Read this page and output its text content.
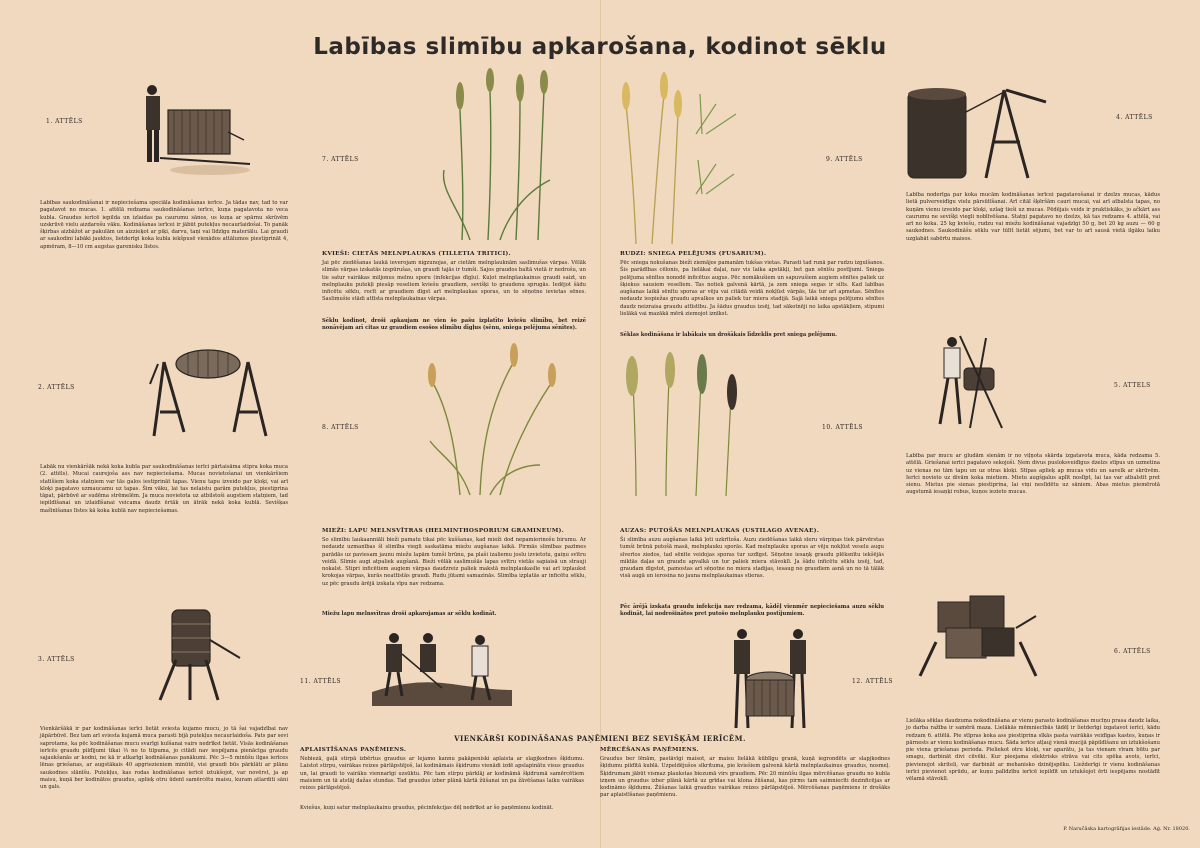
Labības slimību apkarošana, kodinot sēklu
1. ATTĒLS

Labības saukodināšanai ir nepieciešama speciāla kodināšanas ierīce. Ja tādas nav, tad to var pagatavot no mucas. 1. attēlā redzama saukodināšanas ierīce, kuņa pagatavota no veca kubla. Graudus ierīcē iepilda un izlaidas pa caurumu sānos, us kuņa ar spārnu skrūvēm uzskrūvē vielu aizdarošu vāku. Kodināšanas ierīcei ir jābūt putekļus necaurlaidošai. To panāk šķirbas aizbāžot ar pakulām un aizzieķot ar piķi, darvu, taņi vai līdzīgu materiālu. Lai graudi ar saukodini labāki jauktos, lietderīgi koka kubla iekšpusē vienādos attālumos piestiprināt 4, apmēram, 8—10 cm augstas garenisku līstes.

2. ATTĒLS

Labāk nu vienkāršāk nekā koka kubla par saukodināšanas ierīci pārtaisāma stipra koka muca (2. attēls). Mucai caurejoša ass nav nepieciešama. Mucas novietošanai un vienkāršiem statīšiem koka statņiem var tās galos iestiprināt tapas. Vienu tapu izveido par kloķi, vai arī kloķi pagatavo uzmaucamu uz tapas. Šim vāku, lai tas nelaistu garām putekļus, piestiprina tāpat, pārbūvē ar sudēma strēmelēm. Ja muca novietota uz atbilstoši augstiem statņiem, tad iepildīšanai un izlaidīšanai veicama daudz ērtāk un ātrāk nekā koka kublā. Sevišķas mašīnīšanas līstes kā koka kublā nav nepieciešamas.

3. ATTĒLS

Vienkāršākā ir par kodināšanas ierīci lietāt sviesta kujamo mucu, jo tā šai vajadzībai nav jāpārbūvē. Bez tam arī sviesta kujamā muca parasti bijā putekļus necaurlaidoša. Pats par sevi saprotams, ka pēc kodināšanas mucu svarīgi kulšanai vairs nedrīkst lietāt. Visās kodināšanas ierīcēs graudu pildījumi tikai ⅓ no to tilpuma, jo citādi nav iespējama pienācīga graudu sajaukšanās ar kodni, ne kā ir atkarīgi kodināšanas panākumi. Pēc 3—5 minūšu ilgas ierīces lēnas griešanas, ar augstākais 40 apgriezieniem minūtē, visi graudi būs pārklāti ar plānu saukodnes slānīšu. Putekļus, kas rodas kodināšanas ierīcē iztukšojot, var novērst, ja ap maisu, kuņā ber kodinātos graudus, aplieķ otru ūdenī samērcētu maisu, kuram atlarditi sāni un gals.

7. ATTĒLS

KVIEŠI: CIETĀS MELNPLAUKAS (TILLETIA TRITICI).

Jai pēc ziedēšanas laukā ieverojam nigzunojas, ar cietām melnplauknām saslimušas vārpas. Vēlāk slimās vārpas izskatās izspūrušas, un graudi tajās ir tumši. Sajos graudos baltā vietā ir nedrošu, un tie satur vairākas miljonus melnu sporu (infekcijas dīgļu). Kuļot melnplaukainus graudi saizt, un melnplauku putekļi piesāp veseliem kviešu graudiem, sevišķi to graudenu sprugās. Iedējot šādu inficētu sēklu, rocīt ar graudiem dīgst arī melnplaukas sporas, un to sēņotne ievietas sēnes. Saslimušie stādi attīsta melnplaukainas vārpas.

Sēklu kodinot, droši apkaujam ne vien šo pašu izplatīto kviešu slimību, bet reizē nonāvējam arī citas uz graudiem esošos slimību dīgļus (sēnu, sniega pelējuma sēnītes).

8. ATTĒLS

MIEŽI: LAPU MELNSVĪTRAS (HELMINTHOSPORIUM GRAMINEUM).

So slimību laukaanniāli bieži pamatu tikai pēc kuššanas, kad mieži dod nepamierinošu birumu. Ar nedaudz uzmanības šī slimība viegli saskatāma miežu augšanas laikā. Pirmās slimības pazīmes parādās uz paviesam jaunu miežu lapām tumši brūnu, pa plaši izaliemu joslu izvietotu, gaiņu svītru veidā. Slimie augi atpaliek augšanā. Bieži vēlāk saslimušās lapas svītru vietās sapiaisā un strauji nokalst. Stipri inficētiem augiem vārpas daudzreiz paliek makstā melnplaukaslīe vai arī izplaukst krokojas vārpas, kurās neattīstās graudi. Rudu jūtami samazinās. Slimība izplatās ar inficētu sēklu, uz pēc graudu ārējā izskata vīpu nav redzama.

Miežu lapu melnsvītras droši apkarojamas ar sēklu kodināt.

11. ATTĒLS
9. ATTĒLS

RUDZI: SNIEGA PELĒJUMS (FUSARIUM).

Pēc sniega nokušanas bieži ziemājos pamanām tukšas vietas. Parasti tad runā par rudzu izgulšanos. Šis parādības cēlonis, pa lielākai daļai, nav vis laika apstākļi, bet gan sēnīšu postījumi. Sniega pelējuma sēnītes nonodē inficētus augus. Pēc nomākušiem un sapuvušiem augiem sēnītes paliek uz šķiekus sausiem veselīem. Tas notiek galvenā kārtā, ja zem sniega segas ir silts. Kad labības augšanas laikā sēnītu sporas ar vēju vai citādā veidā nokļūst vārpās, tās tur arī apmetas. Sēnītes nedaudz iespiežas graudu apvalkos un paliek tur miera stadijā. Sajā laikā sniega pelējumu sēnītes daudz neizraisa graudu attīstību. Ja šādus graudus izsēj, tad sākotnēji no laika apstākļiem, stipumi lielākā vai mazākā mērā ziemojot iznīkst.

Sēklas kodināšana ir labākais un drošākais līdzeklis pret sniega pelējumu.

10. ATTĒLS

AUZAS: PUTOŠĀS MELNPLAUKAS (USTILAGO AVENAE).

Ši slimība auzu augšanas laikā ļoti uzkrītoša. Auzu ziedēšanas laikā sīeru vārpiņas tiek pārvērstas tumši brūnā putošā masā, melnplauku sporās. Kad melnplauku sporas ar vēju nokļūst veselu augu sīverīos ziedos, tad sēnīte veidojas sporas tur uzdīgst. Sēņotne iesaņķ graudu plēksnītu iekšējās miktās daļas un graudu apvalkā un tur paliek miera stāvoklī. Ja šādu inficētu sēklu izsēj, tad, graudam dīgstot, pamostas arī sēņotne no miera stadijas, iesaug no graudiem asnā un no tā tālāk visā augā un ierosina no jauna melnplaukainas stieras.

Pēc ārējā izskata graudu infekcija nav redzama, kādēļ vienmēr nepieciešama auzu sēklu kodināt, lai nodrošinātos pret putošo melnplauku postījumiem.

12. ATTĒLS
4. ATTĒLS

Labība noderīga par koka mucām kodināšanas ierīcei pagatavošanai ir dzelzs mucas, kādus lietā pulverveidīgu vielu pārsūtīšanai. Arī citāl šķēršām cauri mucai, vai arī atbalsta tapas, no kuņām vienu izveido par kloķi, uzlaģ tieši uz mucas. Pēdējais veids ir praktiskāks, jo ačkārt ass caurumu ne sevišķi viegli noblīvēšana. Statņi pagatavo no dzelzs, kā tas redzams 4. attēlā, vai arī no koka. 25 kg kviešu, rudzu vai miežu kodināšanai vajadzīgi 50 g, bet 20 kg auzu — 60 g saukodnes. Saukodināšu sēklu var tūlīt lietāt sējumi, bet var to arī sausā vietā ilgāku laiku uzglabāt sabērtu maisos.

5. ATTĒLS

Labība par mucu ar gludām sienām ir no viļņota skārda izgatavota muca, kāda redzama 5. attēlā. Griešanai ierīci pagatavo sekojoši. Ņem divus pusloksveidīgus dzelzs stīpus un uzmetina uz vienas no tām tapu un uz otras kloķi. Stīpas aplieķ ap mucas vidu un savelk ar skrūvēm. Ierīci novieto uz divām koka mietiem. Mietu augšgalus aplīt noslīpt, lai tas var atbalstīt pret sienu. Mietus pie sienas piestiprina, lai viņi neslīdētu uz sāniem. Abas mietus piemērotā augstumā iesaņķi robus, kuņos iezieto mucas.

6. ATTĒLS

Lielāka sēklas daudzuma nokodināšana ar vienu parasto kodināšanas mucīņu prasa daudz laika, jo darba ražība ir samērā maza. Lielākās mēmniecībās tādēļ ir lietderīgi izgatavot ierīci, kādu redzam 6. attēlā. Pie stīpras koka ass piestiprina sīkās pasta vairākās veidīgas kastes, kuņas ir pārnests ar vienu kodināšanas mucu. Šāda ierīce atļauj vienā mucijā pāpildīšanu un iztukšošanu pie viena griešanas perioda. Pieliekot otru kloķi, var aparātu, ja tas vienam vīram būtu par smagu, darbināt divi cilvēki. Kur pieejama elektrisks strāva vai cits spēka avots, ierīci, pievienojot skriteli, var darbināt ar mehanisko dzinējspēku. Liežderīgi ir vienu kodināšanas ierīci pievienot sprūdu, ar kuņu palīdzību ierīcē iepildīt un iztukšojot ērti iespējams nostādīt vēlamā stāvoklī.

VIENKĀRŠI KODINĀŠANAS PAŅĒMIENI BEZ SEVIŠĶĀM IERĪCĒM.

APLAISTĪŠANAS PAŅĒMIENS.

Nebiezā, gaļā stirpā izbērtus graudus ar lejamo kannu pakāpeniski aplaista ar slapjkodnes šķīdumu. Laistot stirpu, vairākas reizes pārlāpstējoš, lai kodināmais šķidrums vienādi izdē apslapinātu visus graudus un, lai graudi to vairāku viennarīgi uzsūktu. Pēc tam stirpu pārklāj ar kodināmā šķidrumā samērcētiem maisiem un tā atstāj dažas stundas. Tad graudus izber plānā kārtā žūšanai un pa žāvēšanas laiku vairākas reizes pārlāpstējoš.

Kviešus, kuņi satur melnplaukainu graudus, pēcinfekcijas dēļ nedrīkst ar šo paņēmienu kodināt.

MĒRCĒŠANAS PAŅĒMIENS.

Graudus ber lēnām, pastāvīgi maisot, ar maisu lielākā kūblīgu granā, kuņā iegrondēts ar slapjkodnes šķīdumu pildītā kublā. Uzpeldējušos sīkrituma, pie kviešiem galvenā kārtā melnplaukainus graudus, nosmeļ. Šķidrumam jābūt vismaz plaukstas biezumā virs graudiem. Pēc 20 minūšu ilgas mērcēšanas graudu no kubla izņem un graudus izber plānā kārtā uz grīdas vai klona žūšanai, kas pirms tam saimniecīti dezinficējas ar kodināmo šķīdumu. Žūšanas laikā graudus vairākas reizes pārlāpstējoš. Mērcēšanas paņēmiens ir drošāks par aplaistīšanas paņēmienu.

P. Naručāska kartogrāfijas iestāde. Aģ. Nr. 18020.
